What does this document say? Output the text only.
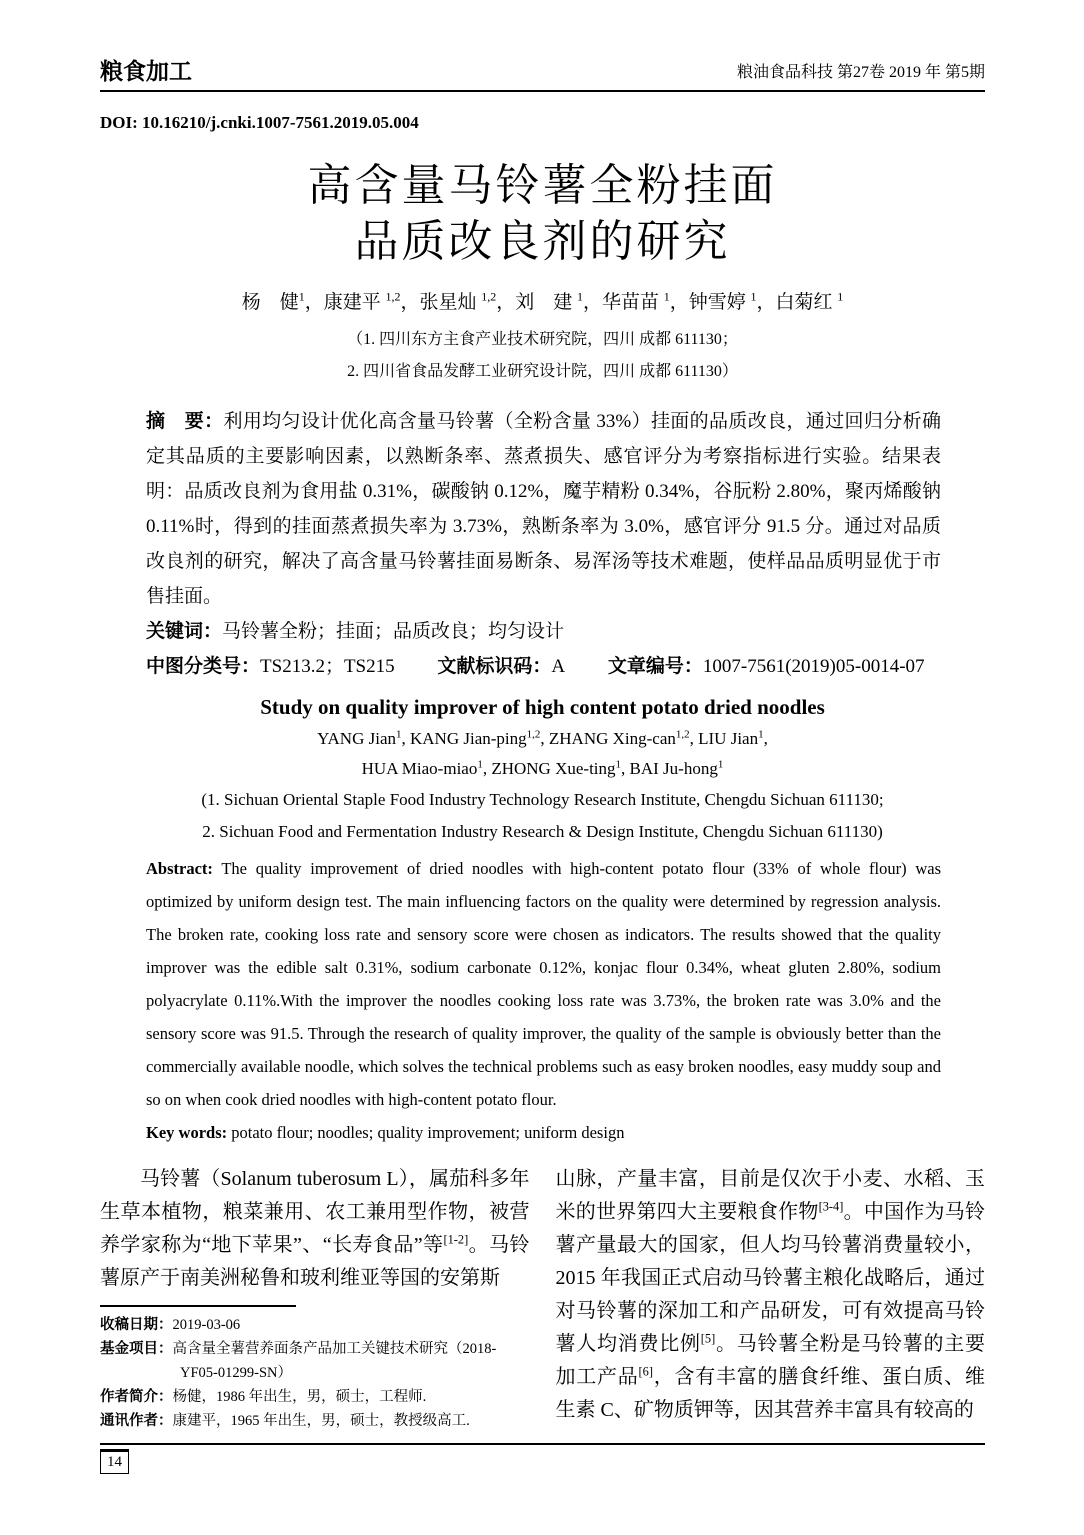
粮食加工	粮油食品科技 第27卷 2019 年 第5期
DOI: 10.16210/j.cnki.1007-7561.2019.05.004
高含量马铃薯全粉挂面
品质改良剂的研究
杨　健$^1$，康建平 $^{1,2}$，张星灿 $^{1,2}$，刘　建 $^1$，华苗苗 $^1$，钟雪婷 $^1$，白菊红 $^1$
（1. 四川东方主食产业技术研究院，四川 成都 611130；
2. 四川省食品发酵工业研究设计院，四川 成都 611130）
摘　要：利用均匀设计优化高含量马铃薯（全粉含量 33%）挂面的品质改良，通过回归分析确定其品质的主要影响因素，以熟断条率、蒸煮损失、感官评分为考察指标进行实验。结果表明：品质改良剂为食用盐 0.31%，碳酸钠 0.12%，魔芋精粉 0.34%，谷朊粉 2.80%，聚丙烯酸钠 0.11%时，得到的挂面蒸煮损失率为 3.73%，熟断条率为 3.0%，感官评分 91.5 分。通过对品质改良剂的研究，解决了高含量马铃薯挂面易断条、易浑汤等技术难题，使样品品质明显优于市售挂面。
关键词：马铃薯全粉；挂面；品质改良；均匀设计
中图分类号：TS213.2；TS215 文献标识码：A 文章编号：1007-7561(2019)05-0014-07
Study on quality improver of high content potato dried noodles
YANG Jian$^1$, KANG Jian-ping$^{1,2}$, ZHANG Xing-can$^{1,2}$, LIU Jian$^1$,
HUA Miao-miao$^1$, ZHONG Xue-ting$^1$, BAI Ju-hong$^1$
(1. Sichuan Oriental Staple Food Industry Technology Research Institute, Chengdu Sichuan 611130;
2. Sichuan Food and Fermentation Industry Research & Design Institute, Chengdu Sichuan 611130)
Abstract: The quality improvement of dried noodles with high-content potato flour (33% of whole flour) was optimized by uniform design test. The main influencing factors on the quality were determined by regression analysis. The broken rate, cooking loss rate and sensory score were chosen as indicators. The results showed that the quality improver was the edible salt 0.31%, sodium carbonate 0.12%, konjac flour 0.34%, wheat gluten 2.80%, sodium polyacrylate 0.11%.With the improver the noodles cooking loss rate was 3.73%, the broken rate was 3.0% and the sensory score was 91.5. Through the research of quality improver, the quality of the sample is obviously better than the commercially available noodle, which solves the technical problems such as easy broken noodles, easy muddy soup and so on when cook dried noodles with high-content potato flour.
Key words: potato flour; noodles; quality improvement; uniform design

马铃薯（Solanum tuberosum L），属茄科多年生草本植物，粮菜兼用、农工兼用型作物，被营养学家称为“地下苹果”、“长寿食品”等[1-2]。马铃薯原产于南美洲秘鲁和玻利维亚等国的安第斯

收稿日期：2019-03-06
基金项目：高含量全薯营养面条产品加工关键技术研究（2018-YF05-01299-SN）
作者简介：杨健，1986 年出生，男，硕士，工程师.
通讯作者：康建平，1965 年出生，男，硕士，教授级高工.

山脉，产量丰富，目前是仅次于小麦、水稻、玉米的世界第四大主要粮食作物[3-4]。中国作为马铃薯产量最大的国家，但人均马铃薯消费量较小，2015 年我国正式启动马铃薯主粮化战略后，通过对马铃薯的深加工和产品研发，可有效提高马铃薯人均消费比例[5]。马铃薯全粉是马铃薯的主要加工产品[6]，含有丰富的膳食纤维、蛋白质、维生素 C、矿物质钾等，因其营养丰富具有较高的

14
